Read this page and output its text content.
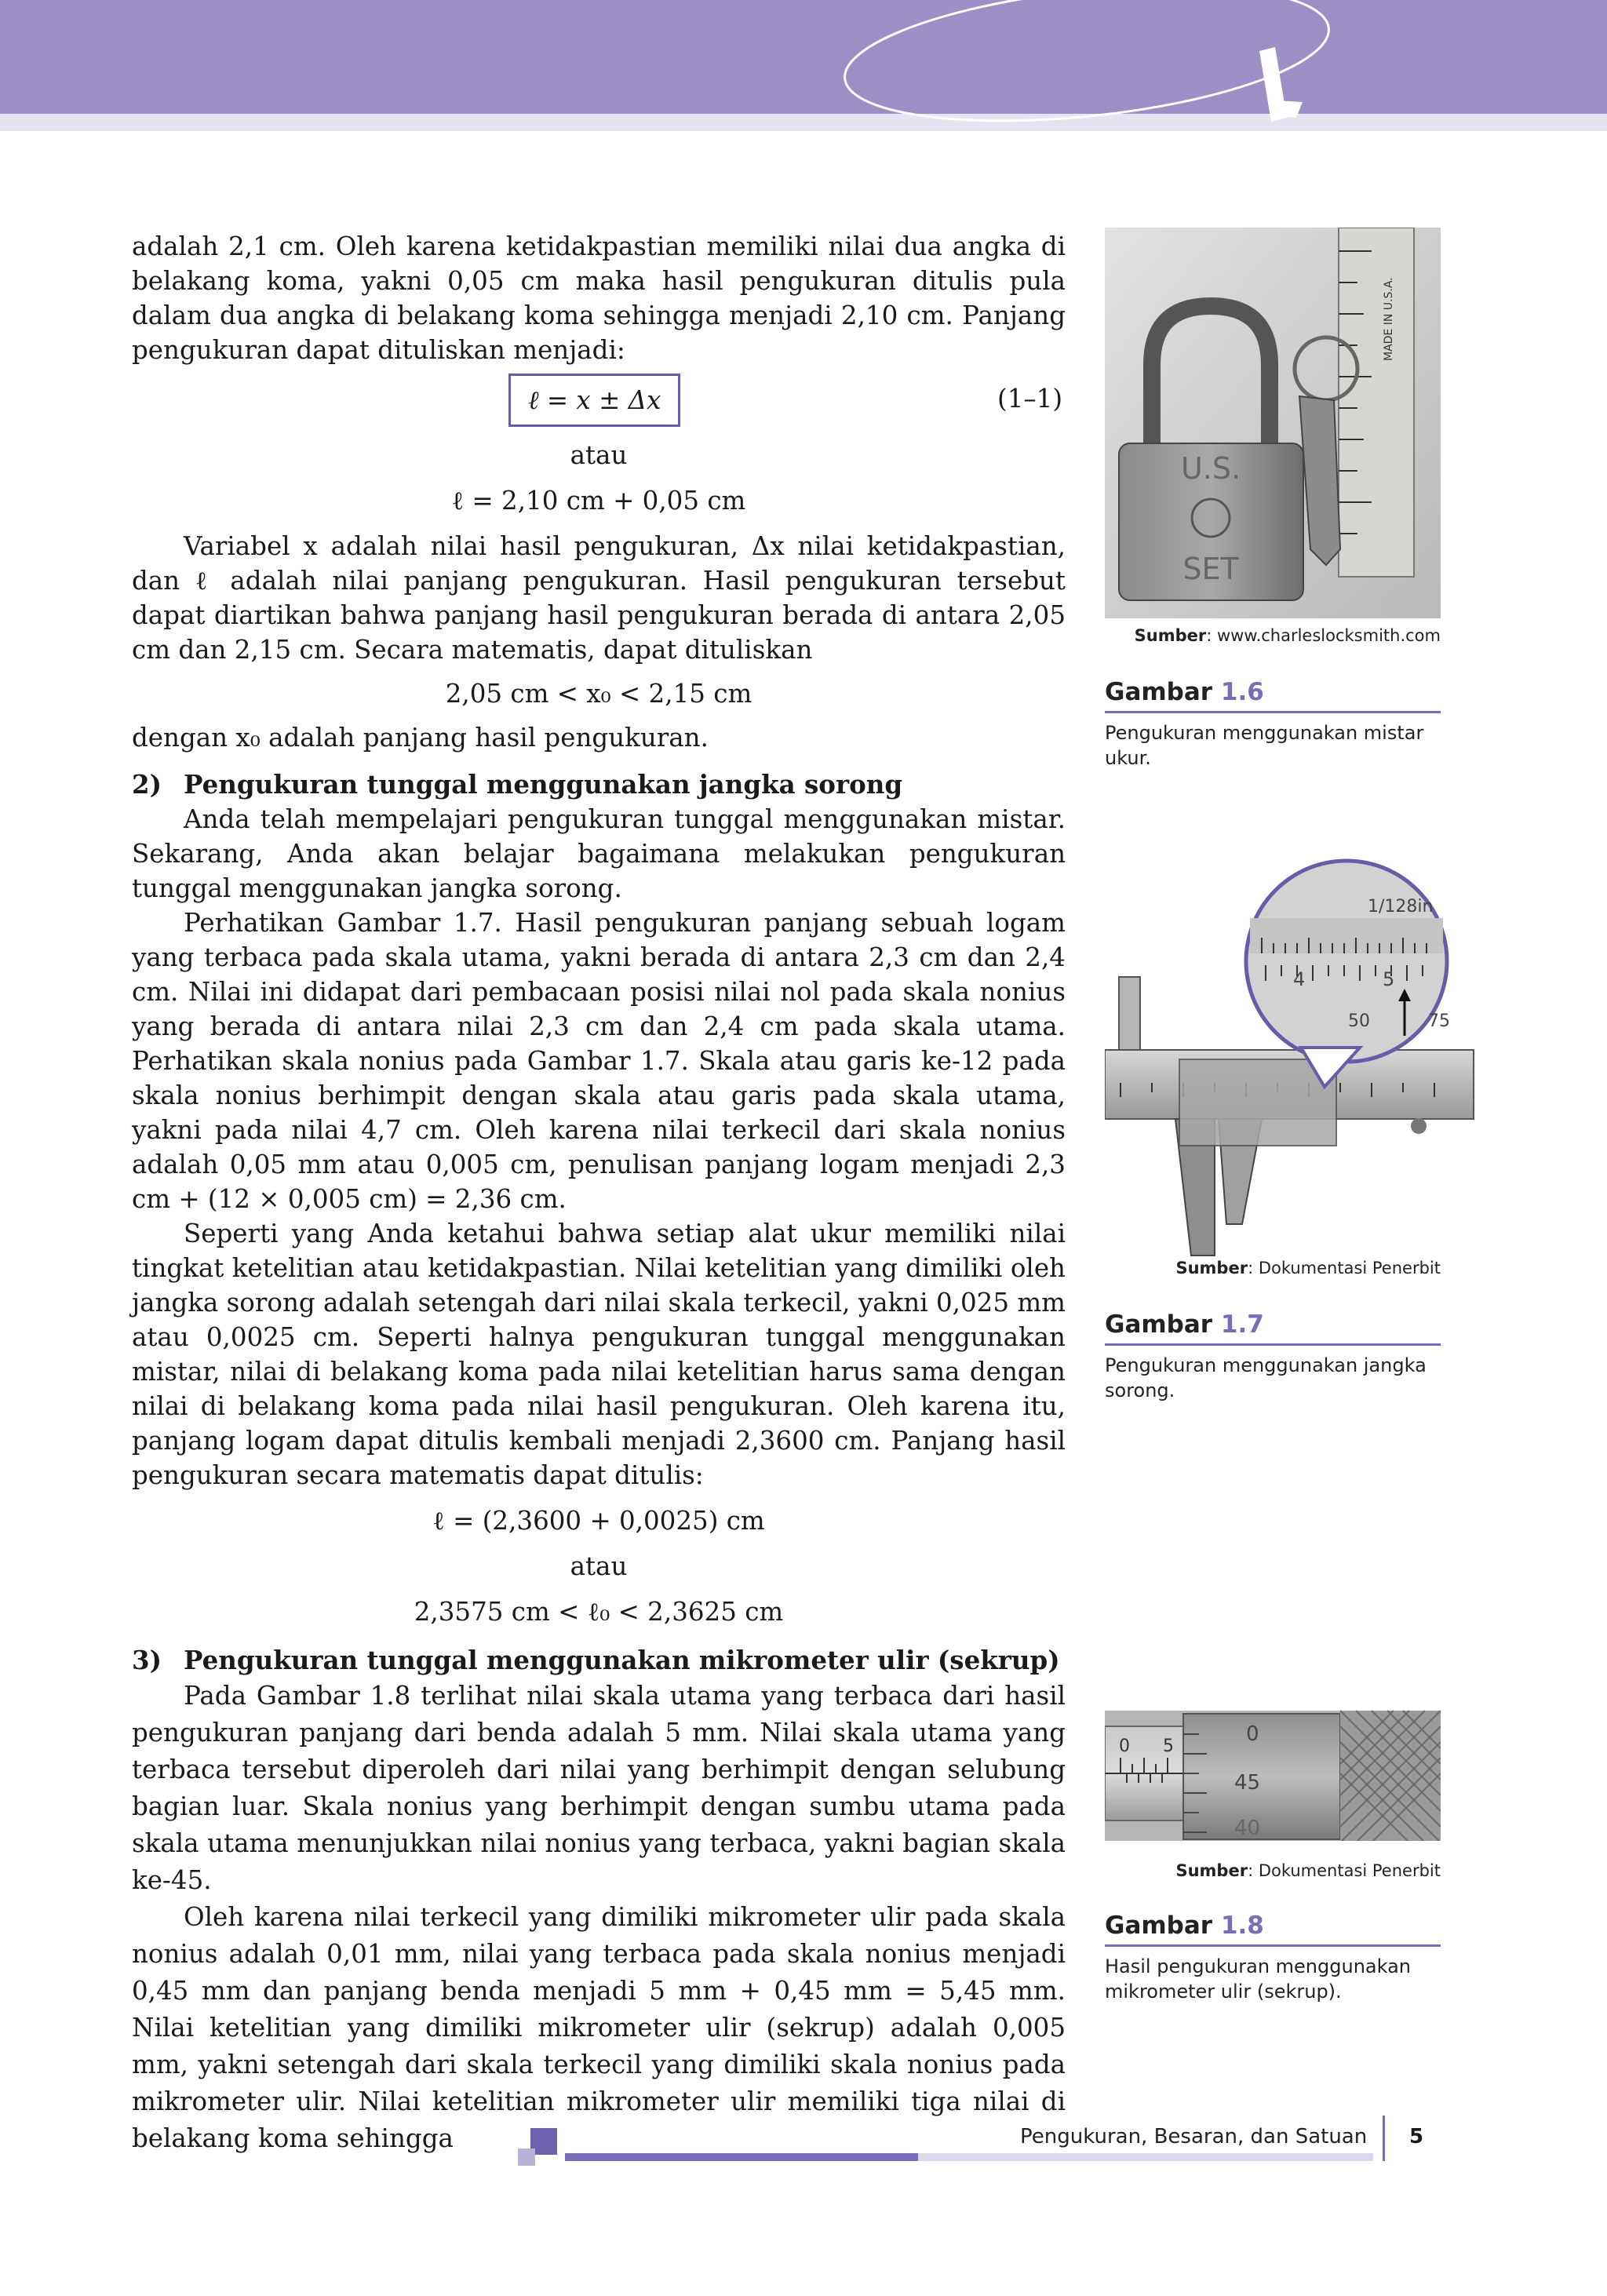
adalah 2,1 cm. Oleh karena ketidakpastian memiliki nilai dua angka di belakang koma, yakni 0,05 cm maka hasil pengukuran ditulis pula dalam dua angka di belakang koma sehingga menjadi 2,10 cm. Panjang pengukuran dapat dituliskan menjadi:

ℓ = x ± Δx	(1–1)

atau

ℓ = 2,10 cm + 0,05 cm

Variabel x adalah nilai hasil pengukuran, Δx nilai ketidakpastian, dan ℓ adalah nilai panjang pengukuran. Hasil pengukuran tersebut dapat diartikan bahwa panjang hasil pengukuran berada di antara 2,05 cm dan 2,15 cm. Secara matematis, dapat dituliskan

2,05 cm < x₀ < 2,15 cm

dengan x₀ adalah panjang hasil pengukuran.

2) Pengukuran tunggal menggunakan jangka sorong

Anda telah mempelajari pengukuran tunggal menggunakan mistar. Sekarang, Anda akan belajar bagaimana melakukan pengukuran tunggal menggunakan jangka sorong.

Perhatikan Gambar 1.7. Hasil pengukuran panjang sebuah logam yang terbaca pada skala utama, yakni berada di antara 2,3 cm dan 2,4 cm. Nilai ini didapat dari pembacaan posisi nilai nol pada skala nonius yang berada di antara nilai 2,3 cm dan 2,4 cm pada skala utama. Perhatikan skala nonius pada Gambar 1.7. Skala atau garis ke-12 pada skala nonius berhimpit dengan skala atau garis pada skala utama, yakni pada nilai 4,7 cm. Oleh karena nilai terkecil dari skala nonius adalah 0,05 mm atau 0,005 cm, penulisan panjang logam menjadi 2,3 cm + (12 × 0,005 cm) = 2,36 cm.

Seperti yang Anda ketahui bahwa setiap alat ukur memiliki nilai tingkat ketelitian atau ketidakpastian. Nilai ketelitian yang dimiliki oleh jangka sorong adalah setengah dari nilai skala terkecil, yakni 0,025 mm atau 0,0025 cm. Seperti halnya pengukuran tunggal menggunakan mistar, nilai di belakang koma pada nilai ketelitian harus sama dengan nilai di belakang koma pada nilai hasil pengukuran. Oleh karena itu, panjang logam dapat ditulis kembali menjadi 2,3600 cm. Panjang hasil pengukuran secara matematis dapat ditulis:

ℓ = (2,3600 + 0,0025) cm

atau

2,3575 cm < ℓ₀ < 2,3625 cm

3) Pengukuran tunggal menggunakan mikrometer ulir (sekrup)

Pada Gambar 1.8 terlihat nilai skala utama yang terbaca dari hasil pengukuran panjang dari benda adalah 5 mm. Nilai skala utama yang terbaca tersebut diperoleh dari nilai yang berhimpit dengan selubung bagian luar. Skala nonius yang berhimpit dengan sumbu utama pada skala utama menunjukkan nilai nonius yang terbaca, yakni bagian skala ke-45.

Oleh karena nilai terkecil yang dimiliki mikrometer ulir pada skala nonius adalah 0,01 mm, nilai yang terbaca pada skala nonius menjadi 0,45 mm dan panjang benda menjadi 5 mm + 0,45 mm = 5,45 mm. Nilai ketelitian yang dimiliki mikrometer ulir (sekrup) adalah 0,005 mm, yakni setengah dari skala terkecil yang dimiliki skala nonius pada mikrometer ulir. Nilai ketelitian mikrometer ulir memiliki tiga nilai di belakang koma sehingga

MADE IN U.S.A.
U.S.
SET
Sumber: www.charleslocksmith.com
Gambar 1.6
Pengukuran menggunakan mistar ukur.
1/128in
4	5
50	75
Sumber: Dokumentasi Penerbit
Gambar 1.7
Pengukuran menggunakan jangka sorong.
0 5
0
45
40
Sumber: Dokumentasi Penerbit
Gambar 1.8
Hasil pengukuran menggunakan mikrometer ulir (sekrup).
Pengukuran, Besaran, dan Satuan 5
